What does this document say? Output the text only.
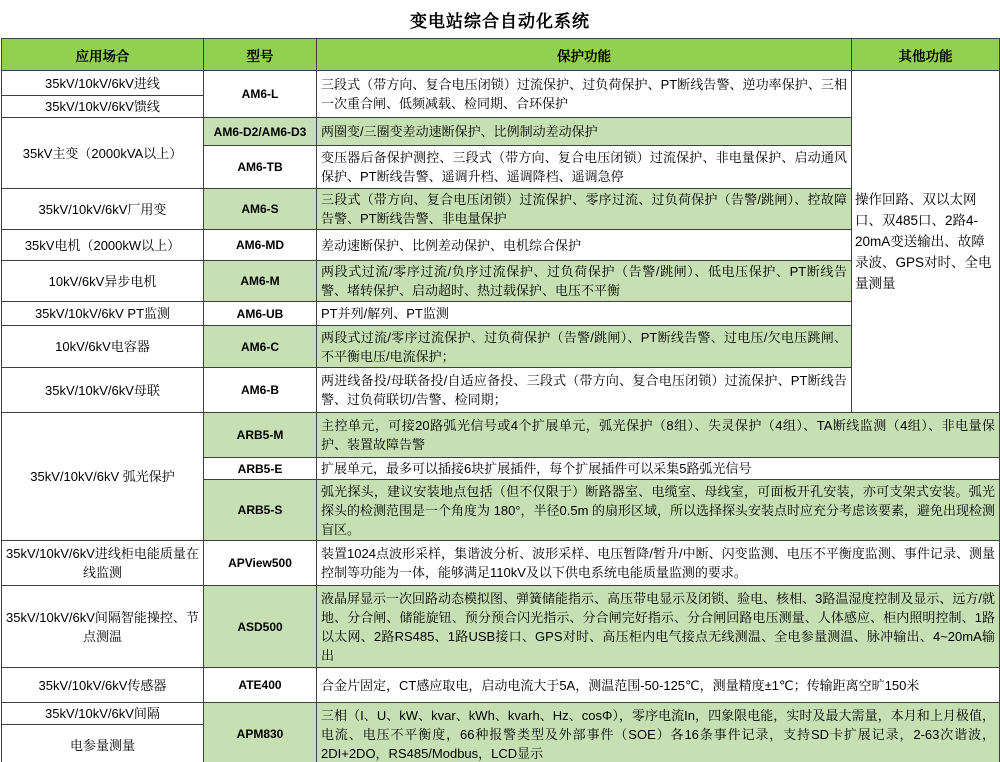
变电站综合自动化系统
应用场合	型号	保护功能	其他功能
35kV/10kV/6kV进线	AM6-L	三段式（带方向、复合电压闭锁）过流保护、过负荷保护、PT断线告警、逆功率保护、三相一次重合闸、低频减载、检同期、合环保护	操作回路、双以太网口、双485口、2路4-20mA变送输出、故障录波、GPS对时、全电量测量
35kV/10kV/6kV馈线			
35kV主变（2000kVA以上）	AM6-D2/AM6-D3	两圈变/三圈变差动速断保护、比例制动差动保护	
	AM6-TB	变压器后备保护测控、三段式（带方向、复合电压闭锁）过流保护、非电量保护、启动通风保护、PT断线告警、遥调升档、遥调降档、遥调急停	
35kV/10kV/6kV厂用变	AM6-S	三段式（带方向、复合电压闭锁）过流保护、零序过流、过负荷保护（告警/跳闸）、控故障告警、PT断线告警、非电量保护	
35kV电机（2000kW以上）	AM6-MD	差动速断保护、比例差动保护、电机综合保护	
10kV/6kV异步电机	AM6-M	两段式过流/零序过流/负序过流保护、过负荷保护（告警/跳闸）、低电压保护、PT断线告警、堵转保护、启动超时、热过载保护、电压不平衡	
35kV/10kV/6kV PT监测	AM6-UB	PT并列/解列、PT监测	
10kV/6kV电容器	AM6-C	两段式过流/零序过流保护、过负荷保护（告警/跳闸）、PT断线告警、过电压/欠电压跳闸、不平衡电压/电流保护；	
35kV/10kV/6kV母联	AM6-B	两进线备投/母联备投/自适应备投、三段式（带方向、复合电压闭锁）过流保护、PT断线告警、过负荷联切/告警、检同期；	
35kV/10kV/6kV 弧光保护	ARB5-M	主控单元，可接20路弧光信号或4个扩展单元，弧光保护（8组）、失灵保护（4组）、TA断线监测（4组）、非电量保护、装置故障告警	
	ARB5-E	扩展单元，最多可以插接6块扩展插件，每个扩展插件可以采集5路弧光信号	
	ARB5-S	弧光探头，建议安装地点包括（但不仅限于）断路器室、电缆室、母线室，可面板开孔安装，亦可支架式安装。弧光探头的检测范围是一个角度为 180°，半径0.5m 的扇形区域，所以选择探头安装点时应充分考虑该要素，避免出现检测盲区。	
35kV/10kV/6kV进线柜电能质量在线监测	APView500	装置1024点波形采样，集谐波分析、波形采样、电压暂降/暂升/中断、闪变监测、电压不平衡度监测、事件记录、测量控制等功能为一体，能够满足110kV及以下供电系统电能质量监测的要求。	
35kV/10kV/6kV间隔智能操控、节点测温	ASD500	液晶屏显示一次回路动态模拟图、弹簧储能指示、高压带电显示及闭锁、验电、核相、3路温湿度控制及显示、远方/就地、分合闸、储能旋钮、预分预合闪光指示、分合闸完好指示、分合闸回路电压测量、人体感应、柜内照明控制、1路以太网、2路RS485、1路USB接口、GPS对时、高压柜内电气接点无线测温、全电参量测温、脉冲输出、4~20mA输出	
35kV/10kV/6kV传感器	ATE400	合金片固定，CT感应取电，启动电流大于5A，测温范围-50-125℃，测量精度±1℃；传输距离空旷150米	
35kV/10kV/6kV间隔	APM830	三相（I、U、kW、kvar、kWh、kvarh、Hz、cosΦ），零序电流In，四象限电能，实时及最大需量，本月和上月极值，电流、电压不平衡度，66种报警类型及外部事件（SOE）各16条事件记录，支持SD卡扩展记录，2-63次谐波，2DI+2DO，RS485/Modbus，LCD显示	
电参量测量			
